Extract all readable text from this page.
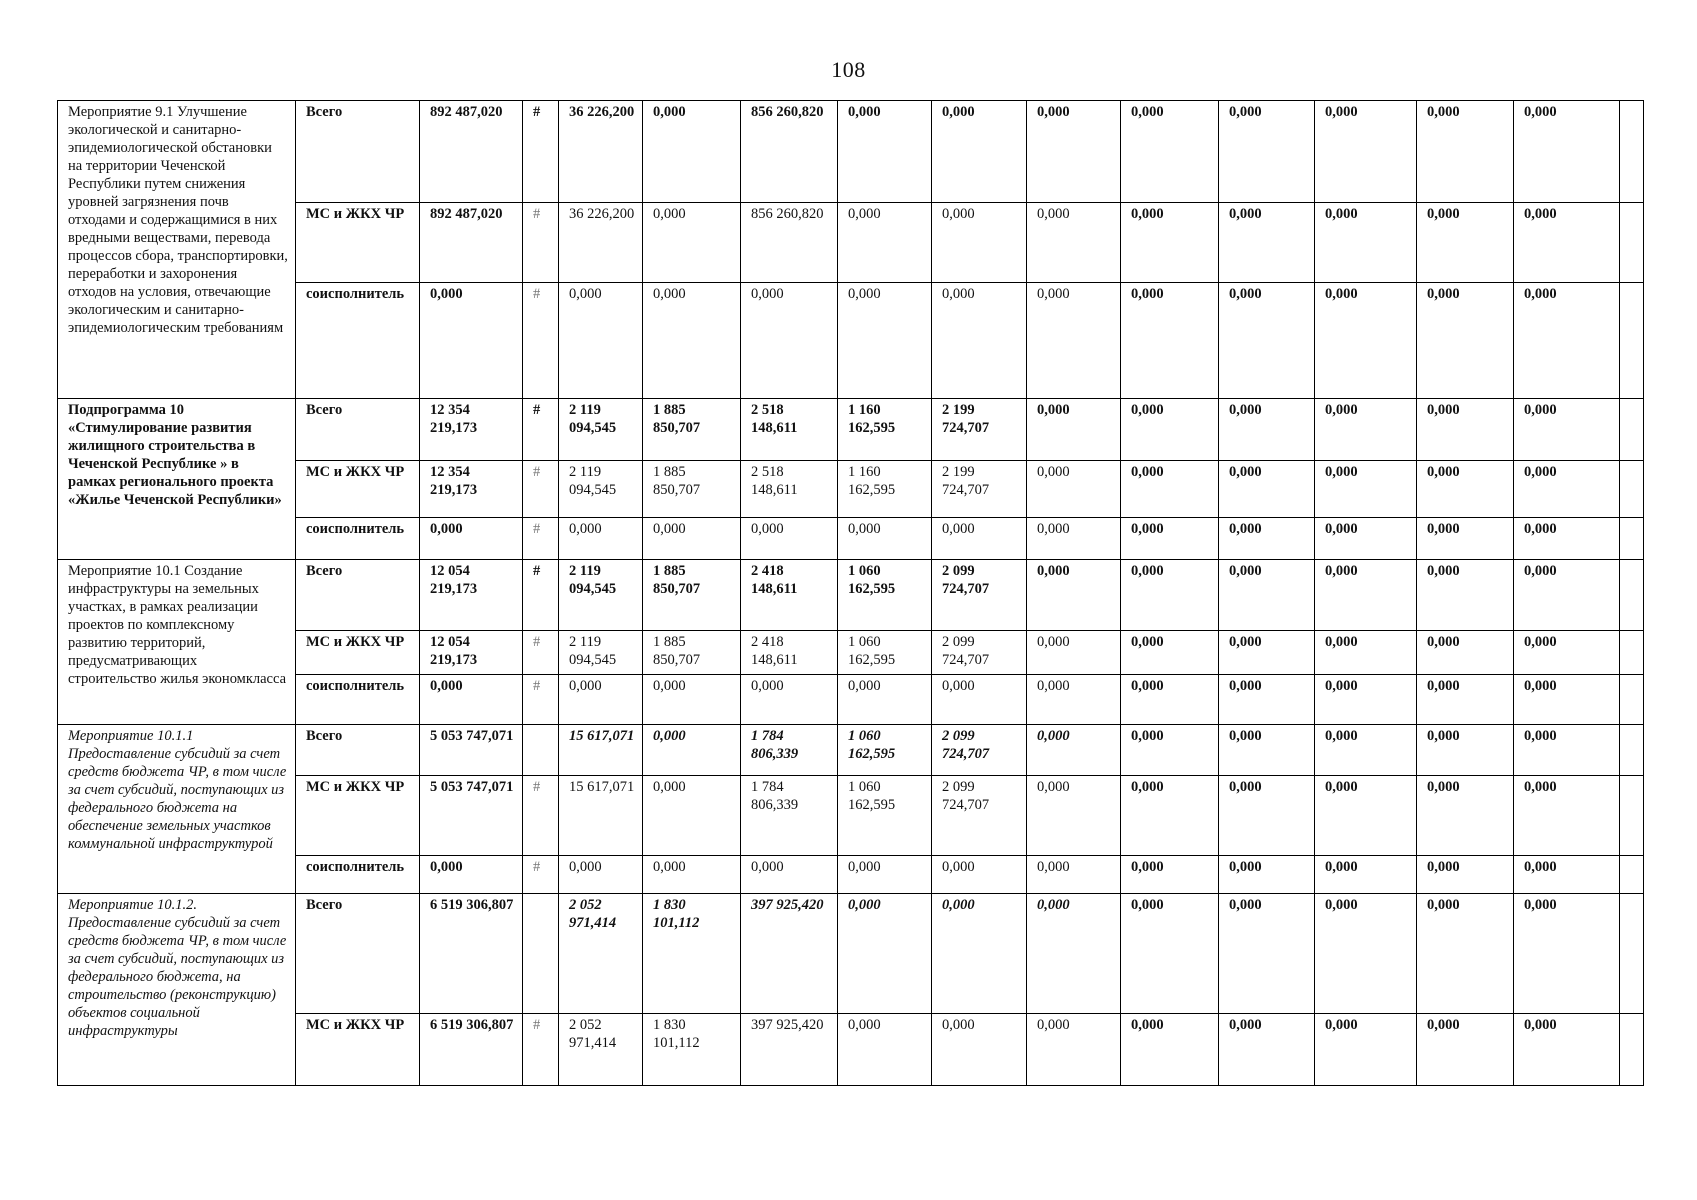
108
Мероприятие 9.1 Улучшение экологической и санитарно-эпидемиологической обстановки на территории Чеченской Республики путем снижения уровней загрязнения почв отходами и содержащимися в них вредными веществами, перевода процессов сбора, транспортировки, переработки и захоронения отходов на условия, отвечающие экологическим и санитарно-эпидемиологическим требованиям	Всего	892 487,020	#	36 226,200	0,000	856 260,820	0,000	0,000	0,000	0,000	0,000	0,000	0,000	0,000	
	МС и ЖКХ ЧР	892 487,020	#	36 226,200	0,000	856 260,820	0,000	0,000	0,000	0,000	0,000	0,000	0,000	0,000	
	соисполнитель	0,000	#	0,000	0,000	0,000	0,000	0,000	0,000	0,000	0,000	0,000	0,000	0,000	
Подпрограмма 10 «Стимулирование развития жилищного строительства в Чеченской Республике » в рамках регионального проекта «Жилье Чеченской Республики»	Всего	12 354 219,173	#	2 119 094,545	1 885 850,707	2 518 148,611	1 160 162,595	2 199 724,707	0,000	0,000	0,000	0,000	0,000	0,000	
	МС и ЖКХ ЧР	12 354 219,173	#	2 119 094,545	1 885 850,707	2 518 148,611	1 160 162,595	2 199 724,707	0,000	0,000	0,000	0,000	0,000	0,000	
	соисполнитель	0,000	#	0,000	0,000	0,000	0,000	0,000	0,000	0,000	0,000	0,000	0,000	0,000	
Мероприятие 10.1 Создание инфраструктуры на земельных участках, в рамках реализации проектов по комплексному развитию территорий, предусматривающих строительство жилья экономкласса	Всего	12 054 219,173	#	2 119 094,545	1 885 850,707	2 418 148,611	1 060 162,595	2 099 724,707	0,000	0,000	0,000	0,000	0,000	0,000	
	МС и ЖКХ ЧР	12 054 219,173	#	2 119 094,545	1 885 850,707	2 418 148,611	1 060 162,595	2 099 724,707	0,000	0,000	0,000	0,000	0,000	0,000	
	соисполнитель	0,000	#	0,000	0,000	0,000	0,000	0,000	0,000	0,000	0,000	0,000	0,000	0,000	
Мероприятие 10.1.1 Предоставление субсидий за счет средств бюджета ЧР, в том числе за счет субсидий, поступающих из федерального бюджета на обеспечение земельных участков коммунальной инфраструктурой	Всего	5 053 747,071		15 617,071	0,000	1 784 806,339	1 060 162,595	2 099 724,707	0,000	0,000	0,000	0,000	0,000	0,000	
	МС и ЖКХ ЧР	5 053 747,071	#	15 617,071	0,000	1 784 806,339	1 060 162,595	2 099 724,707	0,000	0,000	0,000	0,000	0,000	0,000	
	соисполнитель	0,000	#	0,000	0,000	0,000	0,000	0,000	0,000	0,000	0,000	0,000	0,000	0,000	
Мероприятие 10.1.2. Предоставление субсидий за счет средств бюджета ЧР, в том числе за счет субсидий, поступающих из федерального бюджета, на строительство (реконструкцию) объектов социальной инфраструктуры	Всего	6 519 306,807		2 052 971,414	1 830 101,112	397 925,420	0,000	0,000	0,000	0,000	0,000	0,000	0,000	0,000	
	МС и ЖКХ ЧР	6 519 306,807	#	2 052 971,414	1 830 101,112	397 925,420	0,000	0,000	0,000	0,000	0,000	0,000	0,000	0,000	
